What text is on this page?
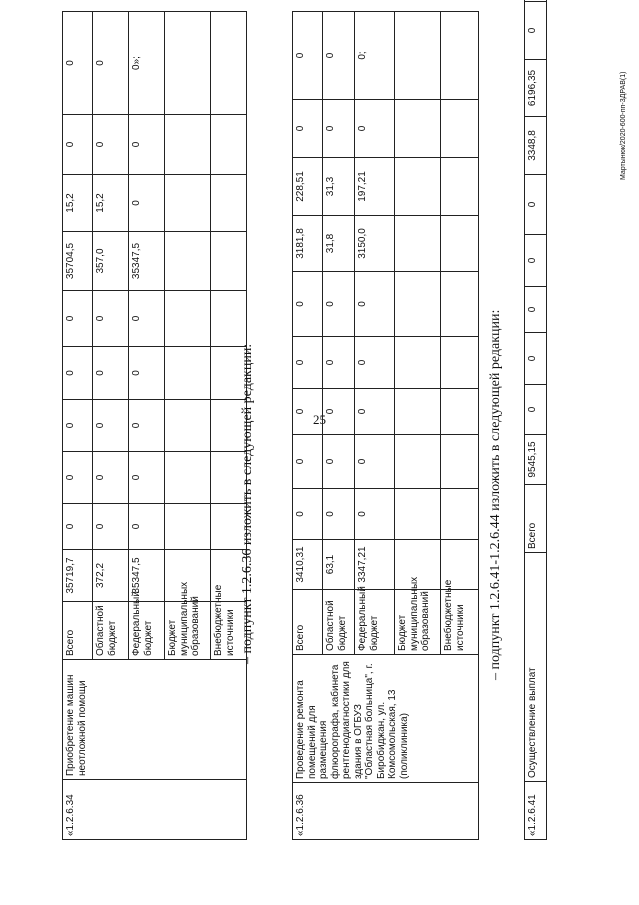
25
«1.2.6.34	Приобретение машин неотложной помощи	Всего	35719,7	0	0	0	0	0	35704,5	15,2	0	0
		Областной бюджет	372,2	0	0	0	0	0	357,0	15,2	0	0
		Федеральный бюджет	35347,5	0	0	0	0	0	35347,5	0	0	0»;
		Бюджет муниципальных образований										
		Внебюджетные источники										– подпункт 1.2.6.36 изложить в следующей редакции:
«1.2.6.36	Проведение ремонта помещений для размещения флюорографа, кабинета рентгенодиагностики для здания в ОГБУЗ "Областная больница", г. Биробиджан, ул. Комсомольская, 13 (поликлиника)	Всего	3410,31	0	0	0	0	0	3181,8	228,51	0	0
		Областной бюджет	63,1	0	0	0	0	0	31,8	31,3	0	0
		Федеральный бюджет	3347,21	0	0	0	0	0	3150,0	197,21	0	0;
		Бюджет муниципальных образований										
		Внебюджетные источники										– подпункт 1.2.6.41-1.2.6.44 изложить в следующей редакции:
«1.2.6.41	Осуществление выплат	Всего	9545,15	0	0	0	0	0	3348,8	6196,35	0	
Мартынюк/2020-600-пп-3ДРАВ(1)
